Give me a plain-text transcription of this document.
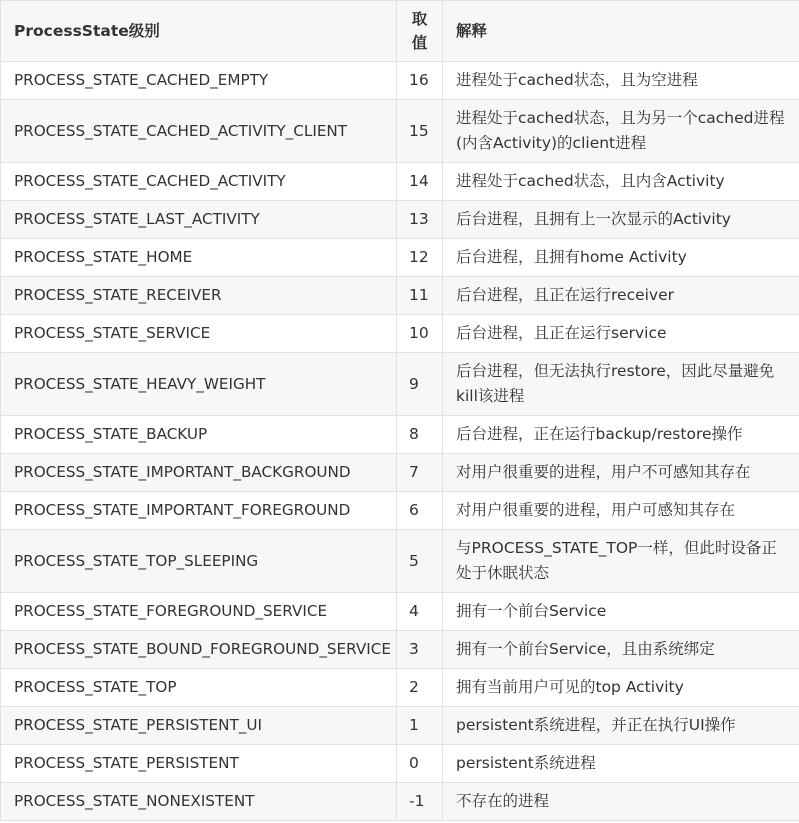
ProcessState级别	取值	解释
PROCESS_STATE_CACHED_EMPTY	16	进程处于cached状态，且为空进程
PROCESS_STATE_CACHED_ACTIVITY_CLIENT	15	进程处于cached状态，且为另一个cached进程(内含Activity)的client进程
PROCESS_STATE_CACHED_ACTIVITY	14	进程处于cached状态，且内含Activity
PROCESS_STATE_LAST_ACTIVITY	13	后台进程，且拥有上一次显示的Activity
PROCESS_STATE_HOME	12	后台进程，且拥有home Activity
PROCESS_STATE_RECEIVER	11	后台进程，且正在运行receiver
PROCESS_STATE_SERVICE	10	后台进程，且正在运行service
PROCESS_STATE_HEAVY_WEIGHT	9	后台进程，但无法执行restore，因此尽量避免kill该进程
PROCESS_STATE_BACKUP	8	后台进程，正在运行backup/restore操作
PROCESS_STATE_IMPORTANT_BACKGROUND	7	对用户很重要的进程，用户不可感知其存在
PROCESS_STATE_IMPORTANT_FOREGROUND	6	对用户很重要的进程，用户可感知其存在
PROCESS_STATE_TOP_SLEEPING	5	与PROCESS_STATE_TOP一样，但此时设备正处于休眠状态
PROCESS_STATE_FOREGROUND_SERVICE	4	拥有一个前台Service
PROCESS_STATE_BOUND_FOREGROUND_SERVICE	3	拥有一个前台Service，且由系统绑定
PROCESS_STATE_TOP	2	拥有当前用户可见的top Activity
PROCESS_STATE_PERSISTENT_UI	1	persistent系统进程，并正在执行UI操作
PROCESS_STATE_PERSISTENT	0	persistent系统进程
PROCESS_STATE_NONEXISTENT	-1	不存在的进程
